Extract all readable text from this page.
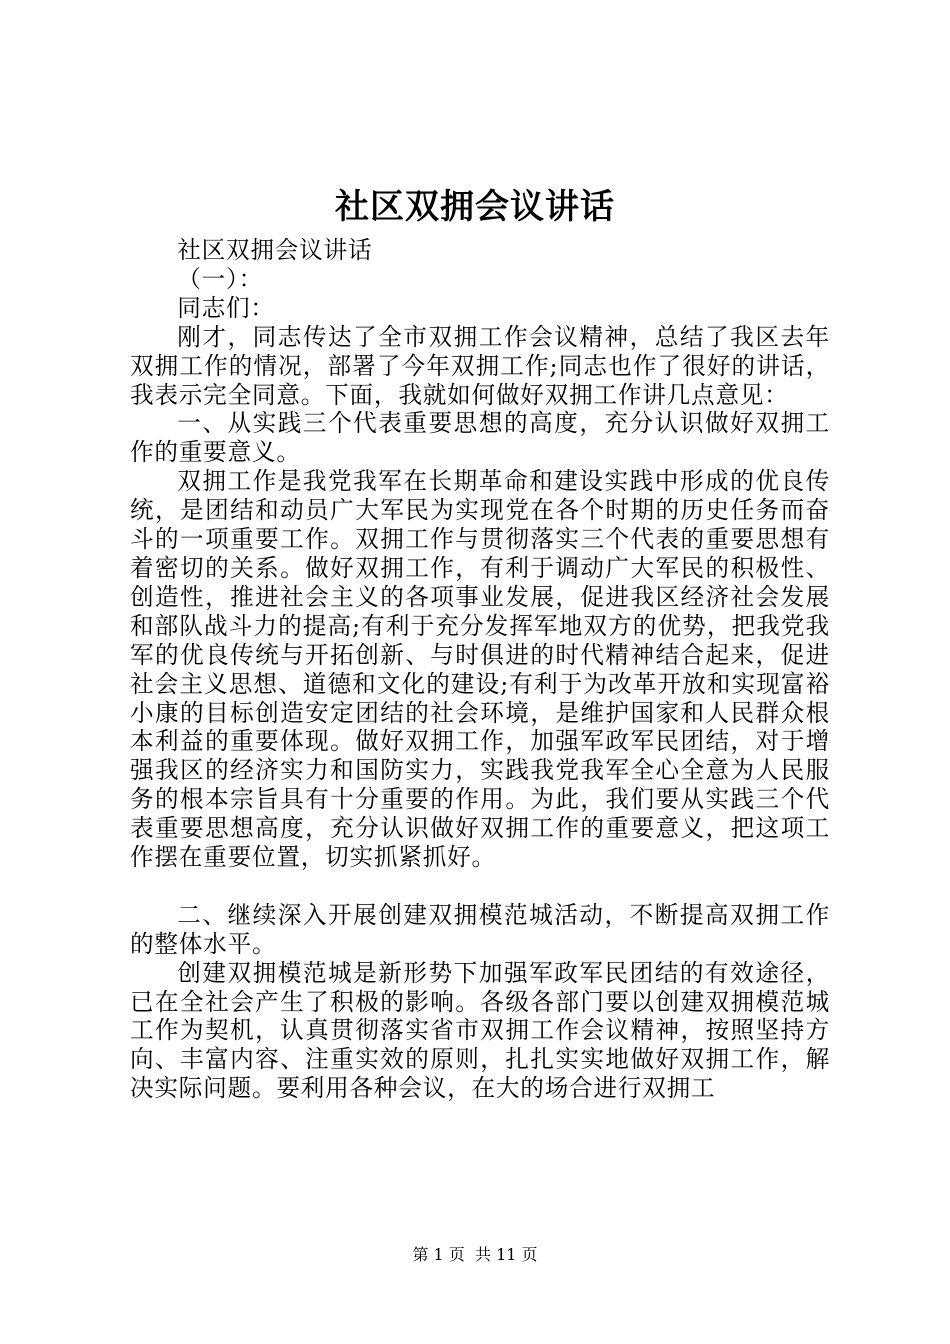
社区双拥会议讲话

社区双拥会议讲话

（一）：

同志们：

刚才，同志传达了全市双拥工作会议精神，总结了我区去年双拥工作的情况，部署了今年双拥工作;同志也作了很好的讲话，我表示完全同意。下面，我就如何做好双拥工作讲几点意见：

一、从实践三个代表重要思想的高度，充分认识做好双拥工作的重要意义。

双拥工作是我党我军在长期革命和建设实践中形成的优良传统，是团结和动员广大军民为实现党在各个时期的历史任务而奋斗的一项重要工作。双拥工作与贯彻落实三个代表的重要思想有着密切的关系。做好双拥工作，有利于调动广大军民的积极性、创造性，推进社会主义的各项事业发展，促进我区经济社会发展和部队战斗力的提高;有利于充分发挥军地双方的优势，把我党我军的优良传统与开拓创新、与时俱进的时代精神结合起来，促进社会主义思想、道德和文化的建设;有利于为改革开放和实现富裕小康的目标创造安定团结的社会环境，是维护国家和人民群众根本利益的重要体现。做好双拥工作，加强军政军民团结，对于增强我区的经济实力和国防实力，实践我党我军全心全意为人民服务的根本宗旨具有十分重要的作用。为此，我们要从实践三个代表重要思想高度，充分认识做好双拥工作的重要意义，把这项工作摆在重要位置，切实抓紧抓好。

二、继续深入开展创建双拥模范城活动，不断提高双拥工作的整体水平。

创建双拥模范城是新形势下加强军政军民团结的有效途径，已在全社会产生了积极的影响。各级各部门要以创建双拥模范城工作为契机，认真贯彻落实省市双拥工作会议精神，按照坚持方向、丰富内容、注重实效的原则，扎扎实实地做好双拥工作，解决实际问题。要利用各种会议，在大的场合进行双拥工

第 1 页  共 11 页
